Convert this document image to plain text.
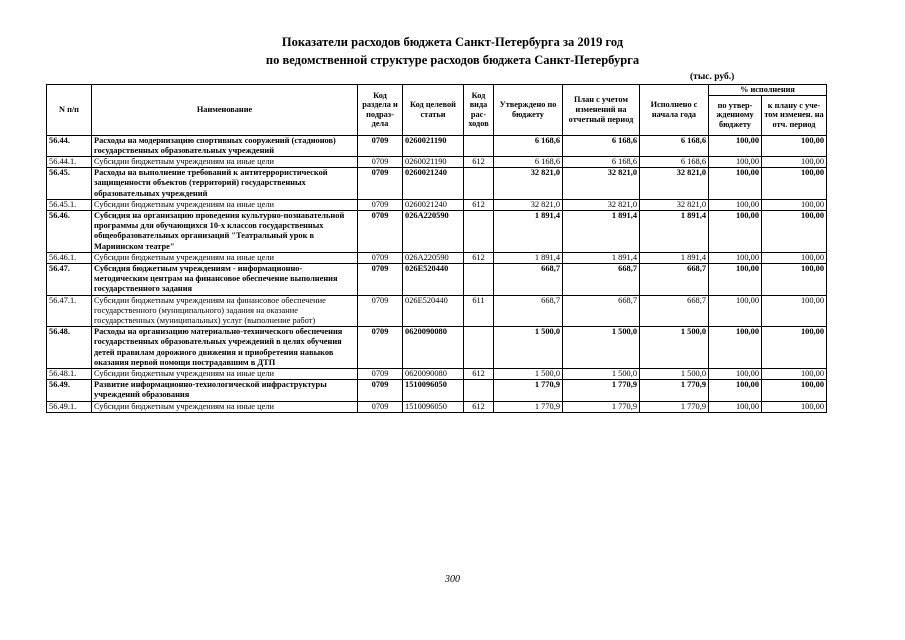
Показатели расходов бюджета Санкт-Петербурга за 2019 год
по ведомственной структуре расходов бюджета Санкт-Петербурга
(тыс. руб.)
N п/п	Наименование	Код раздела и подраз-дела	Код целевой статьи	Код вида рас-ходов	Утверждено по бюджету	План с учетом изменений на отчетный период	Исполнено с начала года	% исполнения	
								по утвер-жденному бюджету	к плану с уче-том изменен. на отч. период
56.44.	Расходы на модернизацию спортивных сооружений (стадионов) государственных образовательных учреждений	0709	0260021190		6 168,6	6 168,6	6 168,6	100,00	100,00
56.44.1.	Субсидии бюджетным учреждениям на иные цели	0709	0260021190	612	6 168,6	6 168,6	6 168,6	100,00	100,00
56.45.	Расходы на выполнение требований к антитеррористической защищенности объектов (территорий) государственных образовательных учреждений	0709	0260021240		32 821,0	32 821,0	32 821,0	100,00	100,00
56.45.1.	Субсидии бюджетным учреждениям на иные цели	0709	0260021240	612	32 821,0	32 821,0	32 821,0	100,00	100,00
56.46.	Субсидия на организацию проведения культурно-познавательной программы для обучающихся 10-х классов государственных общеобразовательных организаций "Театральный урок в Мариинском театре"	0709	026А220590		1 891,4	1 891,4	1 891,4	100,00	100,00
56.46.1.	Субсидии бюджетным учреждениям на иные цели	0709	026А220590	612	1 891,4	1 891,4	1 891,4	100,00	100,00
56.47.	Субсидия бюджетным учреждениям - информационно-методическим центрам на финансовое обеспечение выполнения государственного задания	0709	026Е520440		668,7	668,7	668,7	100,00	100,00
56.47.1.	Субсидии бюджетным учреждениям на финансовое обеспечение государственного (муниципального) задания на оказание государственных (муниципальных) услуг (выполнение работ)	0709	026Е520440	611	668,7	668,7	668,7	100,00	100,00
56.48.	Расходы на организацию материально-технического обеспечения государственных образовательных учреждений в целях обучения детей правилам дорожного движения и приобретения навыков оказания первой помощи пострадавшим в ДТП	0709	0620090080		1 500,0	1 500,0	1 500,0	100,00	100,00
56.48.1.	Субсидии бюджетным учреждениям на иные цели	0709	0620090080	612	1 500,0	1 500,0	1 500,0	100,00	100,00
56.49.	Развитие информационно-технологической инфраструктуры учреждений образования	0709	1510096050		1 770,9	1 770,9	1 770,9	100,00	100,00
56.49.1.	Субсидии бюджетным учреждениям на иные цели	0709	1510096050	612	1 770,9	1 770,9	1 770,9	100,00	100,00
300
